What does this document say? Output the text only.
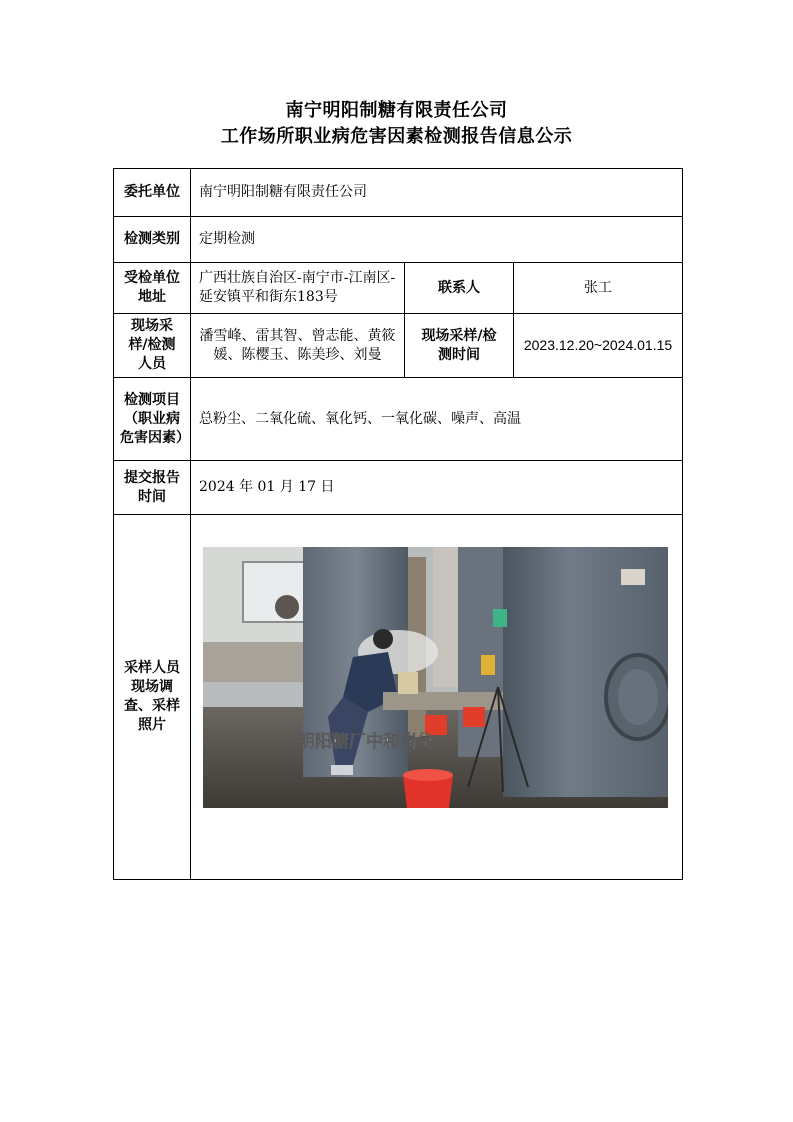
南宁明阳制糖有限责任公司
工作场所职业病危害因素检测报告信息公示
委托单位	南宁明阳制糖有限责任公司		
检测类别	定期检测		
受检单位地址	广西壮族自治区-南宁市-江南区-延安镇平和街东183号	联系人	张工
现场采样/检测人员	潘雪峰、雷其智、曾志能、黄筱媛、陈樱玉、陈美珍、刘曼	现场采样/检测时间	2023.12.20~2024.01.15
检测项目（职业病危害因素）	总粉尘、二氧化硫、氧化钙、一氧化碳、噪声、高温		
提交报告时间	2024 年 01 月 17 日		
采样人员现场调查、采样照片			
明阳糖厂中和岗位
